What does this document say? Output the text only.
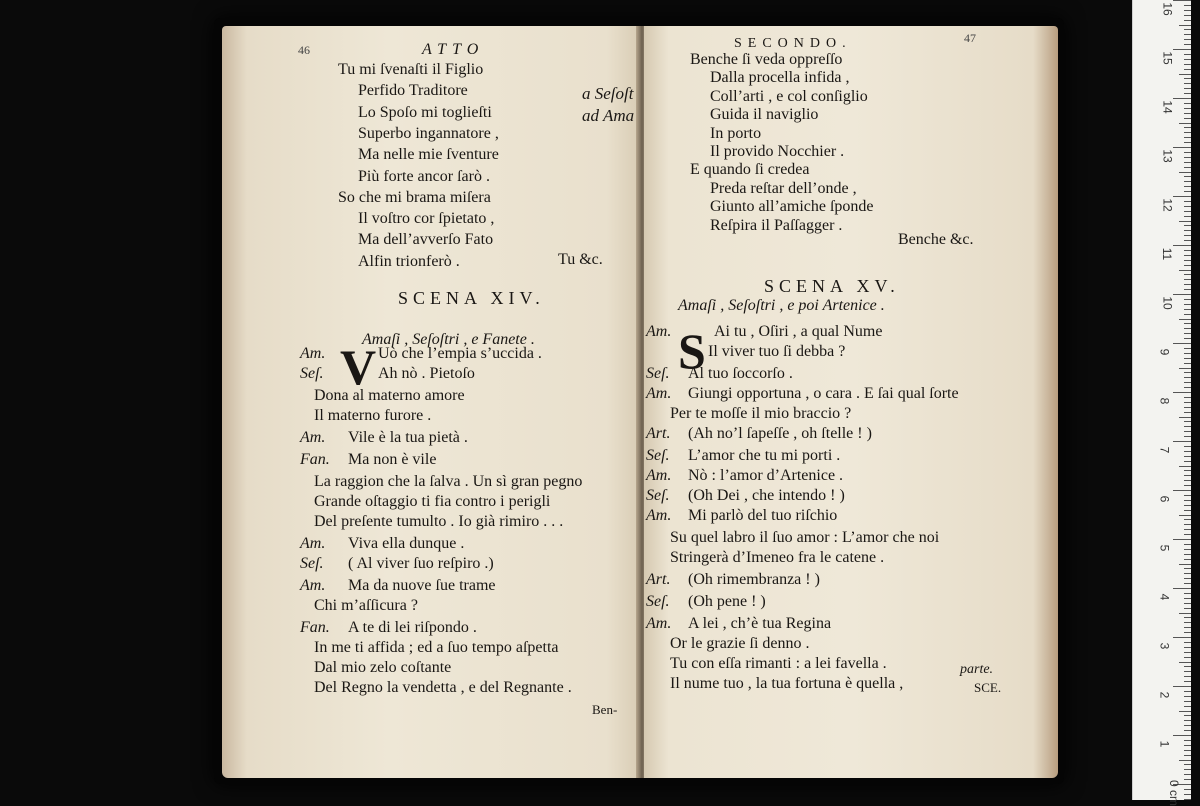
46	ATTO
Tu mi ſvenaſti il Figlio
Perfido Traditore
Lo Spoſo mi toglieſti
Superbo ingannatore ,
Ma nelle mie ſventure
Più forte ancor ſarò .
So che mi brama miſera
Il voſtro cor ſpietato ,
Ma dell’avverſo Fato
Alfin trionferò .
a Seſoſt
ad Ama
Tu &c.
SCENA XIV.
Amaſi , Seſoſtri , e Fanete .
V
Am.	Uò che l’empia s’uccida .
Seſ.	Ah nò . Pietoſo
Dona al materno amore
Il materno furore .
Am. Vile è la tua pietà .
Fan. Ma non è vile
La raggion che la ſalva . Un sì gran pegno
Grande oſtaggio ti fia contro i perigli
Del preſente tumulto . Io già rimiro . . .
Am. Viva ella dunque .
Seſ. ( Al viver ſuo reſpiro .)
Am. Ma da nuove ſue trame
Chi m’aſſicura ?
Fan. A te di lei riſpondo .
In me ti affida ; ed a ſuo tempo aſpetta
Dal mio zelo coſtante
Del Regno la vendetta , e del Regnante .
Ben-
SECONDO.	47
Benche ſi veda oppreſſo
Dalla procella infida ,
Coll’arti , e col conſiglio
Guida il naviglio
In porto
Il provido Nocchier .
E quando ſi credea
Preda reſtar dell’onde ,
Giunto all’amiche ſponde
Reſpira il Paſſagger .
Benche &c.
SCENA XV.
Amaſi , Seſoſtri , e poi Artenice .
S
Am.	Ai tu , Oſiri , a qual Nume
Il viver tuo ſi debba ?
Seſ. Al tuo ſoccorſo .
Am. Giungi opportuna , o cara . E ſai qual ſorte
Per te moſſe il mio braccio ?
Art. (Ah no’l ſapeſſe , oh ſtelle ! )
Seſ. L’amor che tu mi porti .
Am. Nò : l’amor d’Artenice .
Seſ. (Oh Dei , che intendo ! )
Am. Mi parlò del tuo riſchio
Su quel labro il ſuo amor : L’amor che noi
Stringerà d’Imeneo fra le catene .
Art. (Oh rimembranza ! )
Seſ. (Oh pene ! )
Am. A lei , ch’è tua Regina
Or le grazie ſi denno .
Tu con eſſa rimanti : a lei favella .
Il nume tuo , la tua fortuna è quella ,
parte.
SCE.
16
15
14
13
12
11
10
9
8
7
6
5
4
3
2
1
0 cm
